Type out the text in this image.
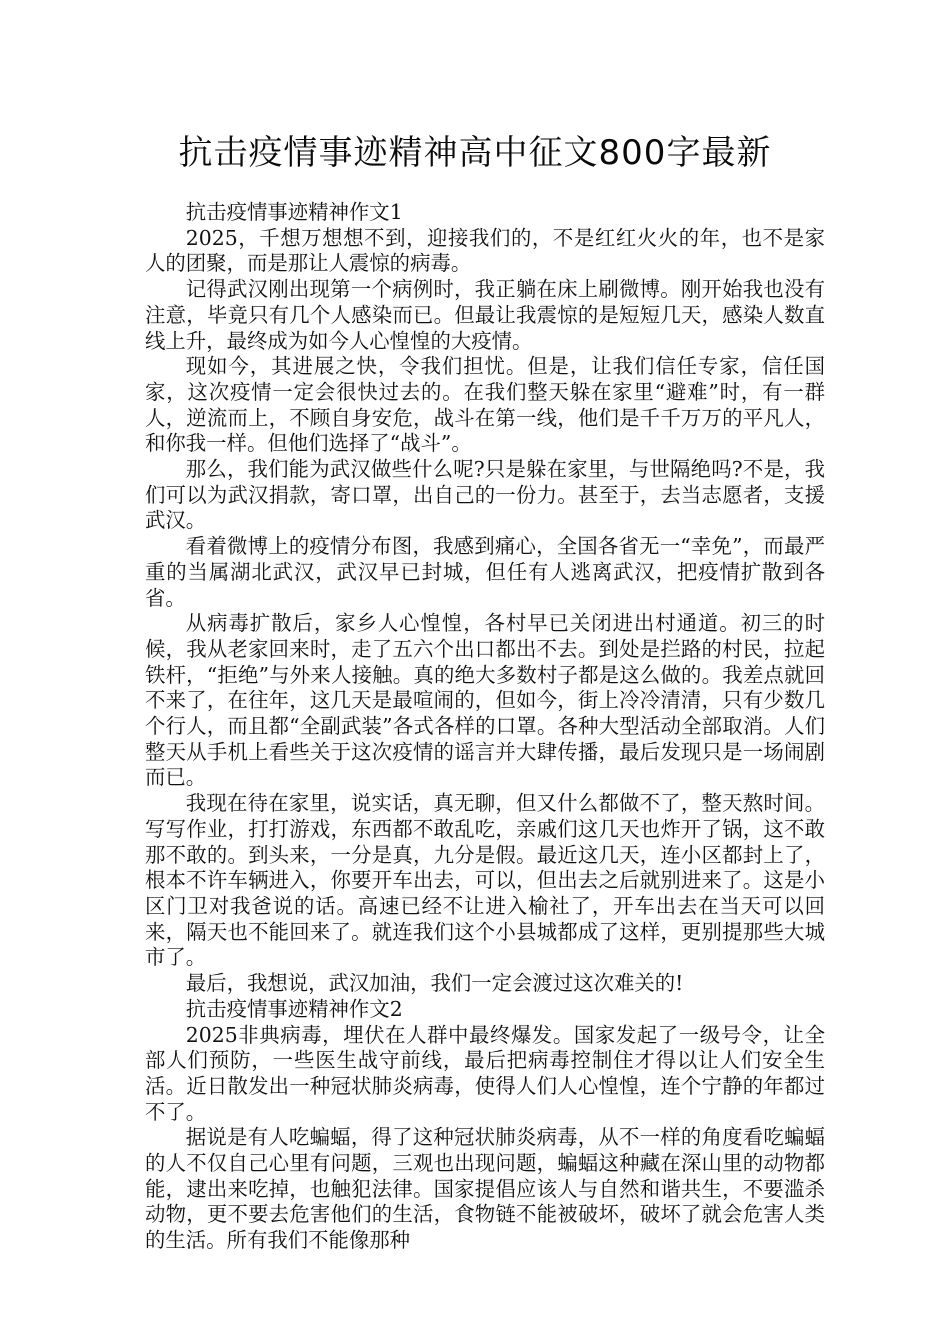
抗击疫情事迹精神高中征文800字最新

抗击疫情事迹精神作文1

2025，千想万想想不到，迎接我们的，不是红红火火的年，也不是家人的团聚，而是那让人震惊的病毒。

记得武汉刚出现第一个病例时，我正躺在床上刷微博。刚开始我也没有注意，毕竟只有几个人感染而已。但最让我震惊的是短短几天，感染人数直线上升，最终成为如今人心惶惶的大疫情。

现如今，其进展之快，令我们担忧。但是，让我们信任专家，信任国家，这次疫情一定会很快过去的。在我们整天躲在家里“避难”时，有一群人，逆流而上，不顾自身安危，战斗在第一线，他们是千千万万的平凡人，和你我一样。但他们选择了“战斗”。

那么，我们能为武汉做些什么呢?只是躲在家里，与世隔绝吗?不是，我们可以为武汉捐款，寄口罩，出自己的一份力。甚至于，去当志愿者，支援武汉。

看着微博上的疫情分布图，我感到痛心，全国各省无一“幸免”，而最严重的当属湖北武汉，武汉早已封城，但任有人逃离武汉，把疫情扩散到各省。

从病毒扩散后，家乡人心惶惶，各村早已关闭进出村通道。初三的时候，我从老家回来时，走了五六个出口都出不去。到处是拦路的村民，拉起铁杆，“拒绝”与外来人接触。真的绝大多数村子都是这么做的。我差点就回不来了，在往年，这几天是最喧闹的，但如今，街上冷冷清清，只有少数几个行人，而且都“全副武装”各式各样的口罩。各种大型活动全部取消。人们整天从手机上看些关于这次疫情的谣言并大肆传播，最后发现只是一场闹剧而已。

我现在待在家里，说实话，真无聊，但又什么都做不了，整天熬时间。写写作业，打打游戏，东西都不敢乱吃，亲戚们这几天也炸开了锅，这不敢那不敢的。到头来，一分是真，九分是假。最近这几天，连小区都封上了，根本不许车辆进入，你要开车出去，可以，但出去之后就别进来了。这是小区门卫对我爸说的话。高速已经不让进入榆社了，开车出去在当天可以回来，隔天也不能回来了。就连我们这个小县城都成了这样，更别提那些大城市了。

最后，我想说，武汉加油，我们一定会渡过这次难关的!

抗击疫情事迹精神作文2

2025非典病毒，埋伏在人群中最终爆发。国家发起了一级号令，让全部人们预防，一些医生战守前线，最后把病毒控制住才得以让人们安全生活。近日散发出一种冠状肺炎病毒，使得人们人心惶惶，连个宁静的年都过不了。

据说是有人吃蝙蝠，得了这种冠状肺炎病毒，从不一样的角度看吃蝙蝠的人不仅自己心里有问题，三观也出现问题，蝙蝠这种藏在深山里的动物都能，逮出来吃掉，也触犯法律。国家提倡应该人与自然和谐共生，不要滥杀动物，更不要去危害他们的生活，食物链不能被破坏，破坏了就会危害人类的生活。所有我们不能像那种
